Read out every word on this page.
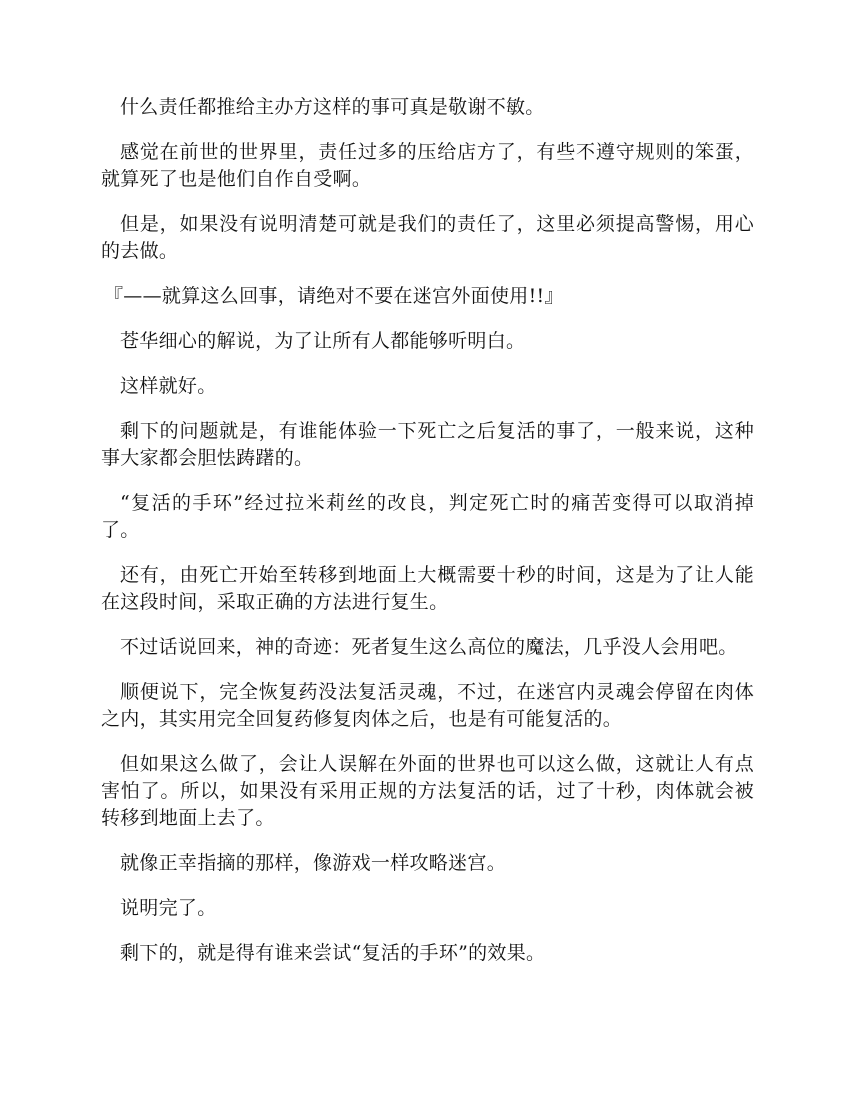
什么责任都推给主办方这样的事可真是敬谢不敏。

感觉在前世的世界里，责任过多的压给店方了，有些不遵守规则的笨蛋，就算死了也是他们自作自受啊。

但是，如果没有说明清楚可就是我们的责任了，这里必须提高警惕，用心的去做。

『——就算这么回事，请绝对不要在迷宫外面使用!!』

苍华细心的解说，为了让所有人都能够听明白。

这样就好。

剩下的问题就是，有谁能体验一下死亡之后复活的事了，一般来说，这种事大家都会胆怯踌躇的。

“复活的手环”经过拉米莉丝的改良，判定死亡时的痛苦变得可以取消掉了。

还有，由死亡开始至转移到地面上大概需要十秒的时间，这是为了让人能在这段时间，采取正确的方法进行复生。

不过话说回来，神的奇迹：死者复生这么高位的魔法，几乎没人会用吧。

顺便说下，完全恢复药没法复活灵魂，不过，在迷宫内灵魂会停留在肉体之内，其实用完全回复药修复肉体之后，也是有可能复活的。

但如果这么做了，会让人误解在外面的世界也可以这么做，这就让人有点害怕了。所以，如果没有采用正规的方法复活的话，过了十秒，肉体就会被转移到地面上去了。

就像正幸指摘的那样，像游戏一样攻略迷宫。

说明完了。

剩下的，就是得有谁来尝试“复活的手环”的效果。
